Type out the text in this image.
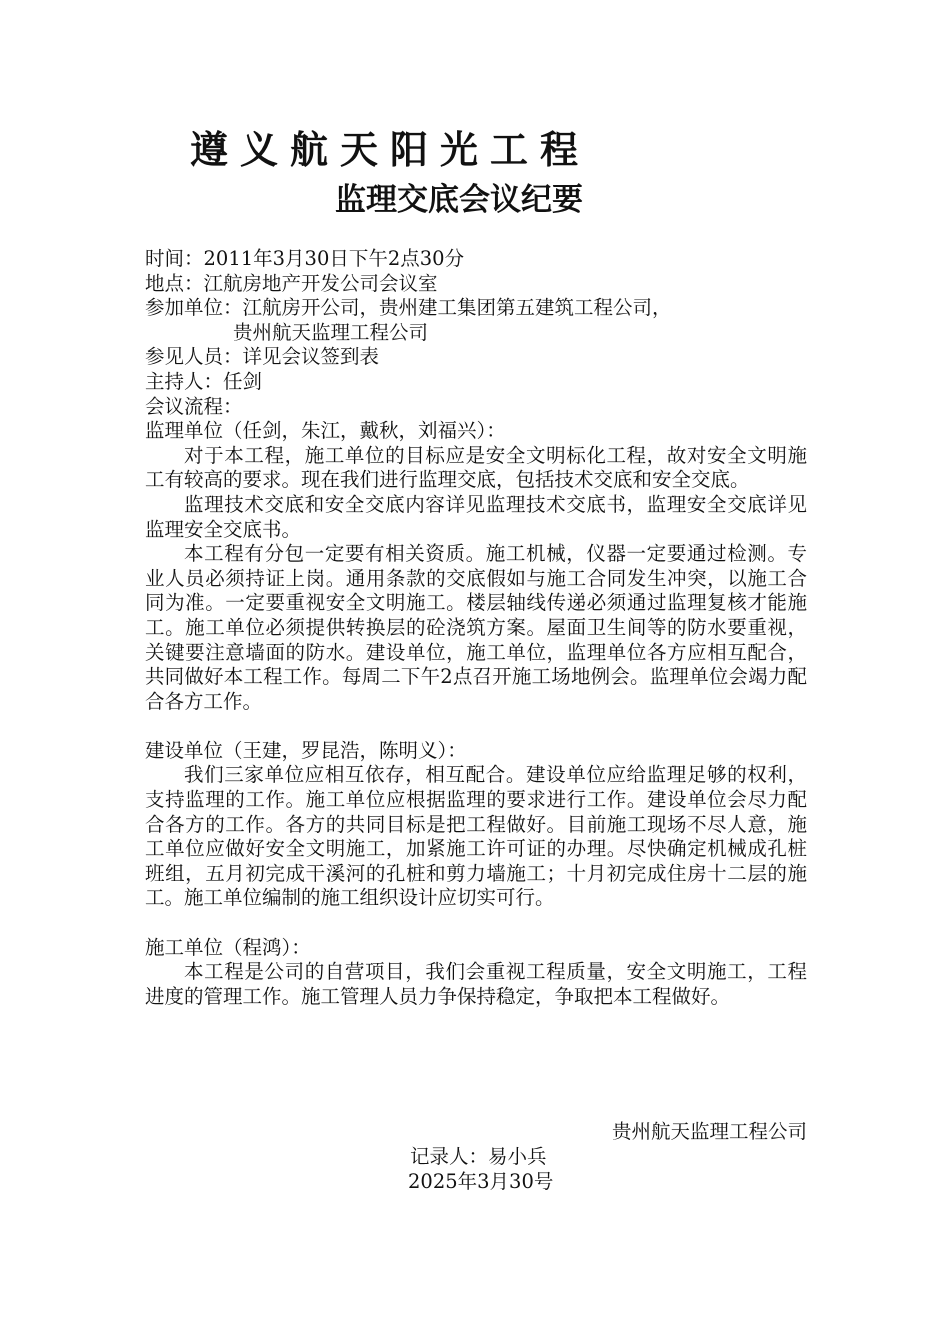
遵义航天阳光工程
监理交底会议纪要
时间：2011年3月30日下午2点30分
地点：江航房地产开发公司会议室
参加单位：江航房开公司，贵州建工集团第五建筑工程公司，
贵州航天监理工程公司
参见人员：详见会议签到表
主持人：任剑
会议流程：
监理单位（任剑，朱江，戴秋，刘福兴）：
对于本工程，施工单位的目标应是安全文明标化工程，故对安全文明施工有较高的要求。现在我们进行监理交底，包括技术交底和安全交底。
监理技术交底和安全交底内容详见监理技术交底书，监理安全交底详见监理安全交底书。
本工程有分包一定要有相关资质。施工机械，仪器一定要通过检测。专业人员必须持证上岗。通用条款的交底假如与施工合同发生冲突，以施工合同为准。一定要重视安全文明施工。楼层轴线传递必须通过监理复核才能施工。施工单位必须提供转换层的砼浇筑方案。屋面卫生间等的防水要重视，关键要注意墙面的防水。建设单位，施工单位，监理单位各方应相互配合，共同做好本工程工作。每周二下午2点召开施工场地例会。监理单位会竭力配合各方工作。
建设单位（王建，罗昆浩，陈明义）：
我们三家单位应相互依存，相互配合。建设单位应给监理足够的权利，支持监理的工作。施工单位应根据监理的要求进行工作。建设单位会尽力配合各方的工作。各方的共同目标是把工程做好。目前施工现场不尽人意，施工单位应做好安全文明施工，加紧施工许可证的办理。尽快确定机械成孔桩班组，五月初完成干溪河的孔桩和剪力墙施工；十月初完成住房十二层的施工。施工单位编制的施工组织设计应切实可行。
施工单位（程鸿）：
本工程是公司的自营项目，我们会重视工程质量，安全文明施工，工程进度的管理工作。施工管理人员力争保持稳定，争取把本工程做好。
贵州航天监理工程公司
记录人：易小兵
2025年3月30号
